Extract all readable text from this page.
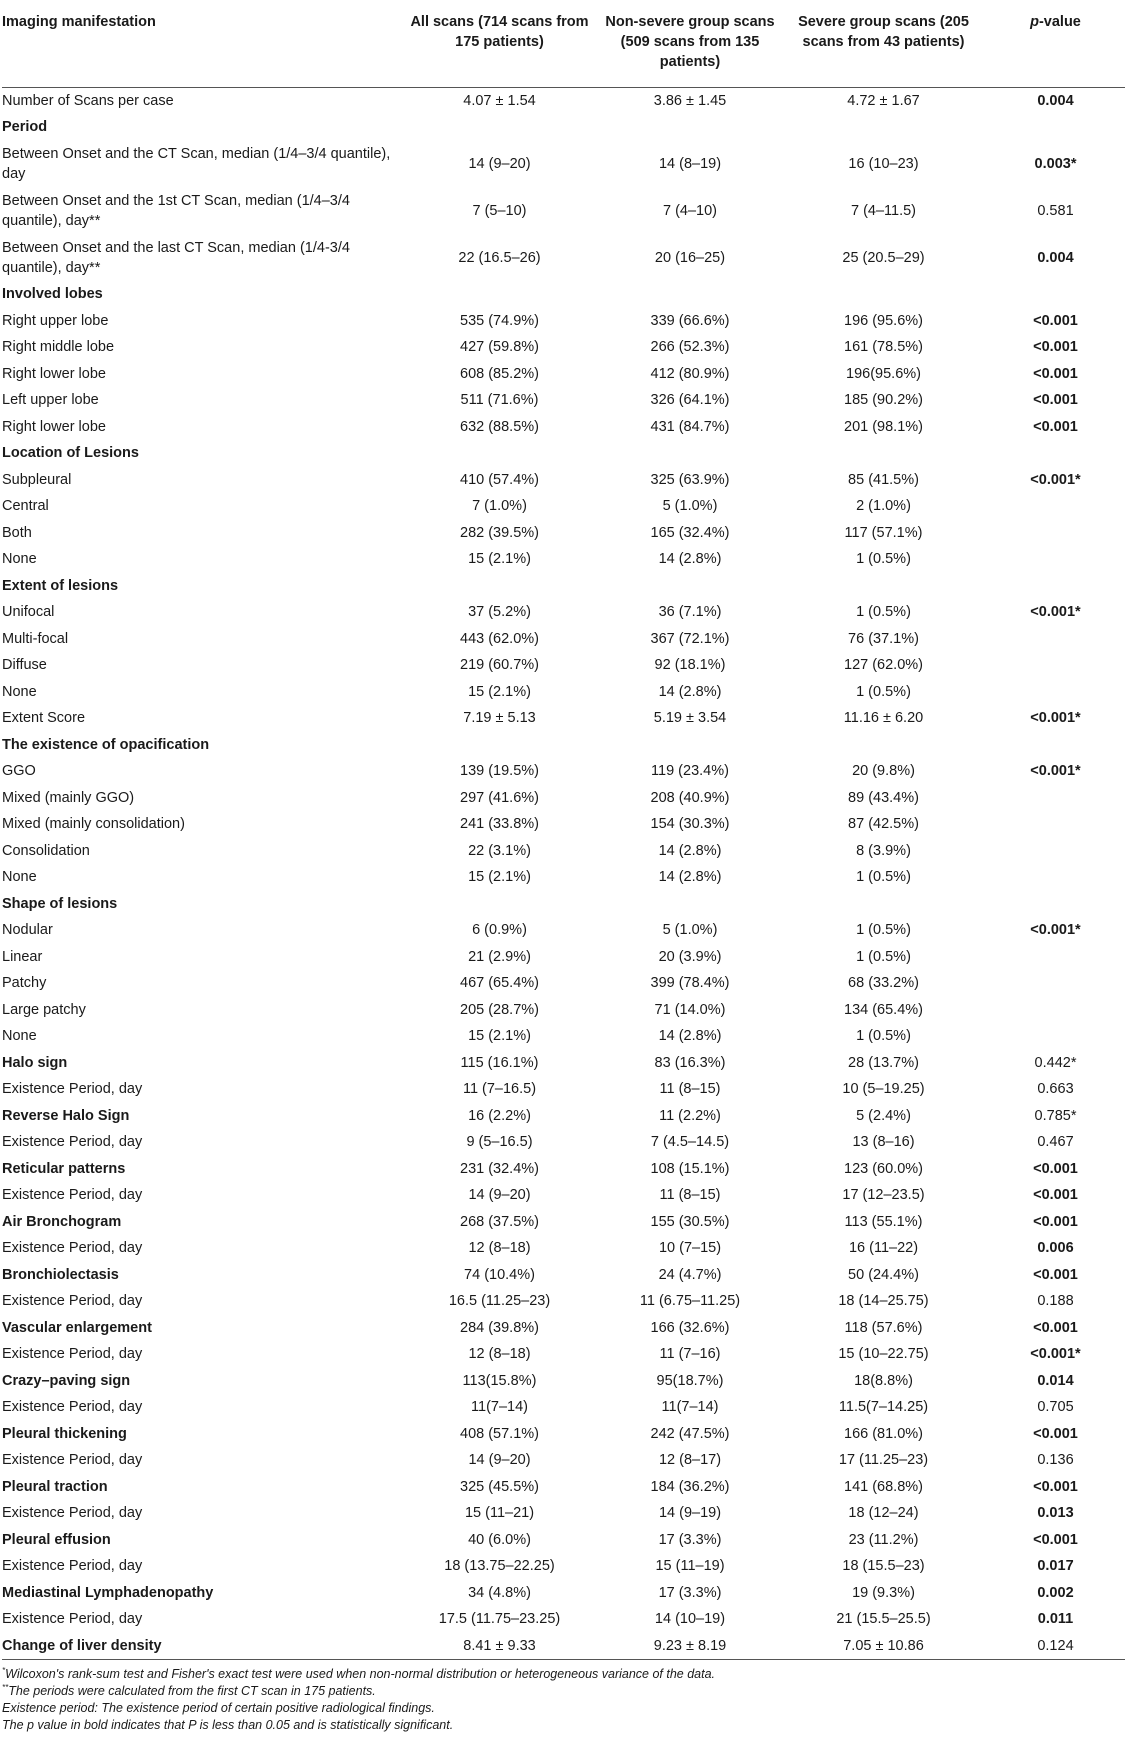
Imaging manifestation	All scans (714 scans from 175 patients)	Non-severe group scans (509 scans from 135 patients)	Severe group scans (205 scans from 43 patients)	p-value
Number of Scans per case	4.07 ± 1.54	3.86 ± 1.45	4.72 ± 1.67	0.004
Period				
Between Onset and the CT Scan, median (1/4–3/4 quantile), day	14 (9–20)	14 (8–19)	16 (10–23)	0.003*
Between Onset and the 1st CT Scan, median (1/4–3/4 quantile), day**	7 (5–10)	7 (4–10)	7 (4–11.5)	0.581
Between Onset and the last CT Scan, median (1/4-3/4 quantile), day**	22 (16.5–26)	20 (16–25)	25 (20.5–29)	0.004
Involved lobes				
Right upper lobe	535 (74.9%)	339 (66.6%)	196 (95.6%)	<0.001
Right middle lobe	427 (59.8%)	266 (52.3%)	161 (78.5%)	<0.001
Right lower lobe	608 (85.2%)	412 (80.9%)	196(95.6%)	<0.001
Left upper lobe	511 (71.6%)	326 (64.1%)	185 (90.2%)	<0.001
Right lower lobe	632 (88.5%)	431 (84.7%)	201 (98.1%)	<0.001
Location of Lesions				
Subpleural	410 (57.4%)	325 (63.9%)	85 (41.5%)	<0.001*
Central	7 (1.0%)	5 (1.0%)	2 (1.0%)	
Both	282 (39.5%)	165 (32.4%)	117 (57.1%)	
None	15 (2.1%)	14 (2.8%)	1 (0.5%)	
Extent of lesions				
Unifocal	37 (5.2%)	36 (7.1%)	1 (0.5%)	<0.001*
Multi-focal	443 (62.0%)	367 (72.1%)	76 (37.1%)	
Diffuse	219 (60.7%)	92 (18.1%)	127 (62.0%)	
None	15 (2.1%)	14 (2.8%)	1 (0.5%)	
Extent Score	7.19 ± 5.13	5.19 ± 3.54	11.16 ± 6.20	<0.001*
The existence of opacification				
GGO	139 (19.5%)	119 (23.4%)	20 (9.8%)	<0.001*
Mixed (mainly GGO)	297 (41.6%)	208 (40.9%)	89 (43.4%)	
Mixed (mainly consolidation)	241 (33.8%)	154 (30.3%)	87 (42.5%)	
Consolidation	22 (3.1%)	14 (2.8%)	8 (3.9%)	
None	15 (2.1%)	14 (2.8%)	1 (0.5%)	
Shape of lesions				
Nodular	6 (0.9%)	5 (1.0%)	1 (0.5%)	<0.001*
Linear	21 (2.9%)	20 (3.9%)	1 (0.5%)	
Patchy	467 (65.4%)	399 (78.4%)	68 (33.2%)	
Large patchy	205 (28.7%)	71 (14.0%)	134 (65.4%)	
None	15 (2.1%)	14 (2.8%)	1 (0.5%)	
Halo sign	115 (16.1%)	83 (16.3%)	28 (13.7%)	0.442*
Existence Period, day	11 (7–16.5)	11 (8–15)	10 (5–19.25)	0.663
Reverse Halo Sign	16 (2.2%)	11 (2.2%)	5 (2.4%)	0.785*
Existence Period, day	9 (5–16.5)	7 (4.5–14.5)	13 (8–16)	0.467
Reticular patterns	231 (32.4%)	108 (15.1%)	123 (60.0%)	<0.001
Existence Period, day	14 (9–20)	11 (8–15)	17 (12–23.5)	<0.001
Air Bronchogram	268 (37.5%)	155 (30.5%)	113 (55.1%)	<0.001
Existence Period, day	12 (8–18)	10 (7–15)	16 (11–22)	0.006
Bronchiolectasis	74 (10.4%)	24 (4.7%)	50 (24.4%)	<0.001
Existence Period, day	16.5 (11.25–23)	11 (6.75–11.25)	18 (14–25.75)	0.188
Vascular enlargement	284 (39.8%)	166 (32.6%)	118 (57.6%)	<0.001
Existence Period, day	12 (8–18)	11 (7–16)	15 (10–22.75)	<0.001*
Crazy–paving sign	113(15.8%)	95(18.7%)	18(8.8%)	0.014
Existence Period, day	11(7–14)	11(7–14)	11.5(7–14.25)	0.705
Pleural thickening	408 (57.1%)	242 (47.5%)	166 (81.0%)	<0.001
Existence Period, day	14 (9–20)	12 (8–17)	17 (11.25–23)	0.136
Pleural traction	325 (45.5%)	184 (36.2%)	141 (68.8%)	<0.001
Existence Period, day	15 (11–21)	14 (9–19)	18 (12–24)	0.013
Pleural effusion	40 (6.0%)	17 (3.3%)	23 (11.2%)	<0.001
Existence Period, day	18 (13.75–22.25)	15 (11–19)	18 (15.5–23)	0.017
Mediastinal Lymphadenopathy	34 (4.8%)	17 (3.3%)	19 (9.3%)	0.002
Existence Period, day	17.5 (11.75–23.25)	14 (10–19)	21 (15.5–25.5)	0.011
Change of liver density	8.41 ± 9.33	9.23 ± 8.19	7.05 ± 10.86	0.124
*Wilcoxon's rank-sum test and Fisher's exact test were used when non-normal distribution or heterogeneous variance of the data.
**The periods were calculated from the first CT scan in 175 patients.
Existence period: The existence period of certain positive radiological findings.
The p value in bold indicates that P is less than 0.05 and is statistically significant.
